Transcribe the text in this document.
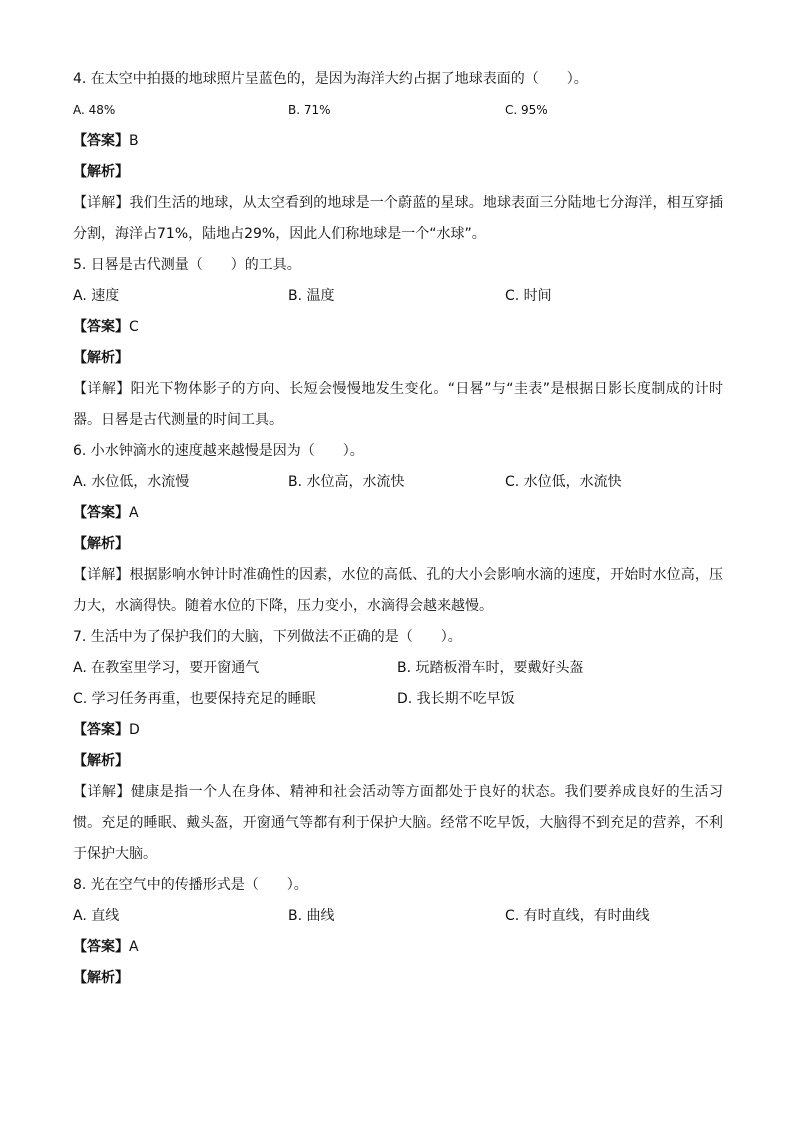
4. 在太空中拍摄的地球照片呈蓝色的，是因为海洋大约占据了地球表面的（　　）。
A. 48%	B. 71%	C. 95%
【答案】B
【解析】
【详解】我们生活的地球，从太空看到的地球是一个蔚蓝的星球。地球表面三分陆地七分海洋，相互穿插分割，海洋占71%，陆地占29%，因此人们称地球是一个“水球”。
5. 日晷是古代测量（　　）的工具。
A. 速度	B. 温度	C. 时间
【答案】C
【解析】
【详解】阳光下物体影子的方向、长短会慢慢地发生变化。“日晷”与“圭表”是根据日影长度制成的计时器。日晷是古代测量的时间工具。
6. 小水钟滴水的速度越来越慢是因为（　　）。
A. 水位低，水流慢	B. 水位高，水流快	C. 水位低，水流快
【答案】A
【解析】
【详解】根据影响水钟计时准确性的因素，水位的高低、孔的大小会影响水滴的速度，开始时水位高，压力大，水滴得快。随着水位的下降，压力变小，水滴得会越来越慢。
7. 生活中为了保护我们的大脑，下列做法不正确的是（　　）。
A. 在教室里学习，要开窗通气	B. 玩踏板滑车时，要戴好头盔
C. 学习任务再重，也要保持充足的睡眠	D. 我长期不吃早饭
【答案】D
【解析】
【详解】健康是指一个人在身体、精神和社会活动等方面都处于良好的状态。我们要养成良好的生活习惯。充足的睡眠、戴头盔，开窗通气等都有利于保护大脑。经常不吃早饭，大脑得不到充足的营养，不利于保护大脑。
8. 光在空气中的传播形式是（　　）。
A. 直线	B. 曲线	C. 有时直线，有时曲线
【答案】A
【解析】
